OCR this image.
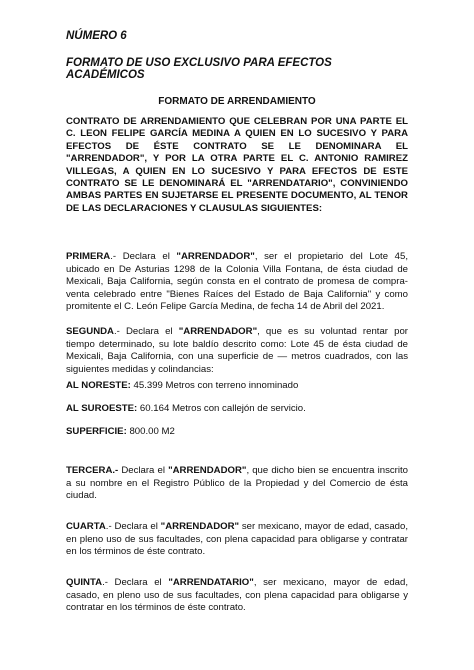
NÚMERO 6
FORMATO DE USO EXCLUSIVO PARA EFECTOS ACADÉMICOS
FORMATO DE ARRENDAMIENTO
CONTRATO DE ARRENDAMIENTO QUE CELEBRAN POR UNA PARTE EL C. LEON FELIPE GARCÍA MEDINA A QUIEN EN LO SUCESIVO Y PARA EFECTOS DE ÉSTE CONTRATO SE LE DENOMINARA EL "ARRENDADOR", Y POR LA OTRA PARTE EL C. ANTONIO RAMIREZ VILLEGAS, A QUIEN EN LO SUCESIVO Y PARA EFECTOS DE ESTE CONTRATO SE LE DENOMINARÁ EL "ARRENDATARIO", CONVINIENDO AMBAS PARTES EN SUJETARSE EL PRESENTE DOCUMENTO, AL TENOR DE LAS DECLARACIONES Y CLAUSULAS SIGUIENTES:
PRIMERA.- Declara el "ARRENDADOR", ser el propietario del Lote 45, ubicado en De Asturias 1298 de la Colonia Villa Fontana, de ésta ciudad de Mexicali, Baja California, según consta en el contrato de promesa de compra-venta celebrado entre "Bienes Raíces del Estado de Baja California" y como promitente el C. León Felipe García Medina, de fecha 14 de Abril del 2021.
SEGUNDA.- Declara el "ARRENDADOR", que es su voluntad rentar por tiempo determinado, su lote baldío descrito como: Lote 45 de ésta ciudad de Mexicali, Baja California, con una superficie de — metros cuadrados, con las siguientes medidas y colindancias:
AL NORESTE: 45.399 Metros con terreno innominado
AL SUROESTE: 60.164 Metros con callejón de servicio.
SUPERFICIE: 800.00 M2
TERCERA.- Declara el "ARRENDADOR", que dicho bien se encuentra inscrito a su nombre en el Registro Público de la Propiedad y del Comercio de ésta ciudad.
CUARTA.- Declara el "ARRENDADOR" ser mexicano, mayor de edad, casado, en pleno uso de sus facultades, con plena capacidad para obligarse y contratar en los términos de éste contrato.
QUINTA.- Declara el "ARRENDATARIO", ser mexicano, mayor de edad, casado, en pleno uso de sus facultades, con plena capacidad para obligarse y contratar en los términos de éste contrato.
